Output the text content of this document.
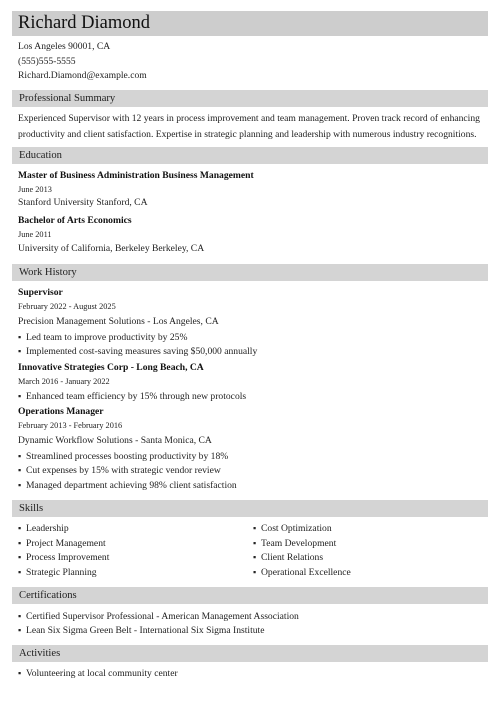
Richard Diamond
Los Angeles 90001, CA
(555)555-5555
Richard.Diamond@example.com
Professional Summary
Experienced Supervisor with 12 years in process improvement and team management. Proven track record of enhancing productivity and client satisfaction. Expertise in strategic planning and leadership with numerous industry recognitions.
Education
Master of Business Administration Business Management
June 2013
Stanford University Stanford, CA
Bachelor of Arts Economics
June 2011
University of California, Berkeley Berkeley, CA
Work History
Supervisor
February 2022 - August 2025
Precision Management Solutions - Los Angeles, CA
▪ Led team to improve productivity by 25%
▪ Implemented cost-saving measures saving $50,000 annually
Innovative Strategies Corp - Long Beach, CA
March 2016 - January 2022
▪ Enhanced team efficiency by 15% through new protocols
Operations Manager
February 2013 - February 2016
Dynamic Workflow Solutions - Santa Monica, CA
▪ Streamlined processes boosting productivity by 18%
▪ Cut expenses by 15% with strategic vendor review
▪ Managed department achieving 98% client satisfaction
Skills
▪ Leadership
▪ Project Management
▪ Process Improvement
▪ Strategic Planning
▪ Cost Optimization
▪ Team Development
▪ Client Relations
▪ Operational Excellence
Certifications
▪ Certified Supervisor Professional - American Management Association
▪ Lean Six Sigma Green Belt - International Six Sigma Institute
Activities
▪ Volunteering at local community center
